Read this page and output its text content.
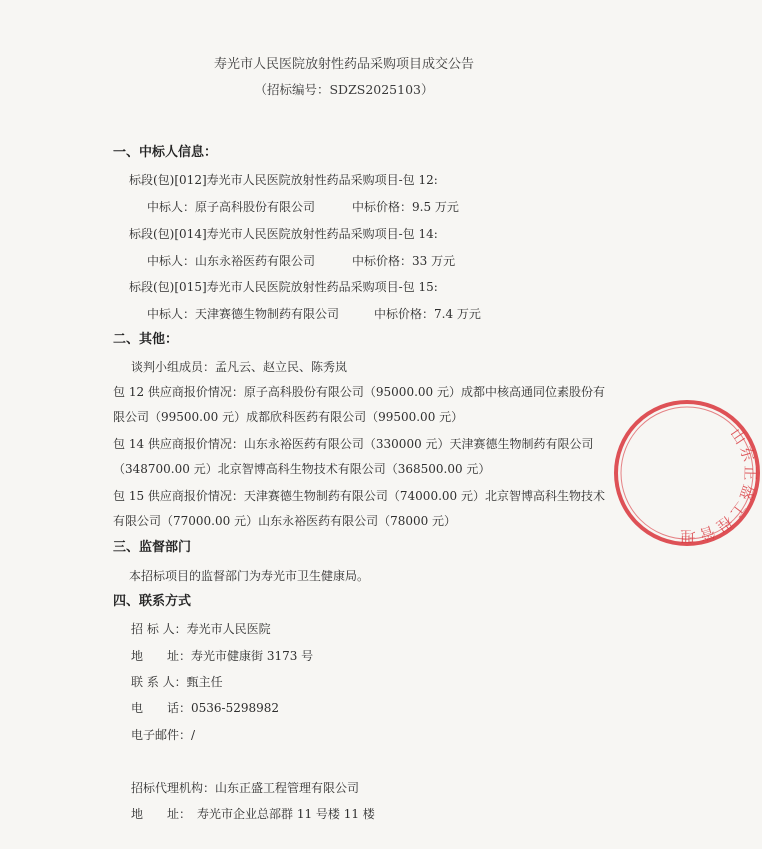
寿光市人民医院放射性药品采购项目成交公告
（招标编号：SDZS2025103）
一、中标人信息：
标段(包)[012]寿光市人民医院放射性药品采购项目-包 12:
中标人：原子高科股份有限公司	中标价格：9.5 万元
标段(包)[014]寿光市人民医院放射性药品采购项目-包 14:
中标人：山东永裕医药有限公司	中标价格：33 万元
标段(包)[015]寿光市人民医院放射性药品采购项目-包 15:
中标人：天津赛德生物制药有限公司	中标价格：7.4 万元
二、其他：
谈判小组成员：孟凡云、赵立民、陈秀岚
包 12 供应商报价情况：原子高科股份有限公司（95000.00 元）成都中核高通同位素股份有
限公司（99500.00 元）成都欣科医药有限公司（99500.00 元）
包 14 供应商报价情况：山东永裕医药有限公司（330000 元）天津赛德生物制药有限公司
（348700.00 元）北京智博高科生物技术有限公司（368500.00 元）
包 15 供应商报价情况：天津赛德生物制药有限公司（74000.00 元）北京智博高科生物技术
有限公司（77000.00 元）山东永裕医药有限公司（78000 元）
三、监督部门
本招标项目的监督部门为寿光市卫生健康局。
四、联系方式
招 标 人：寿光市人民医院
地　　址：寿光市健康街 3173 号
联 系 人：甄主任
电　　话：0536-5298982
电子邮件：/
招标代理机构：山东正盛工程管理有限公司
地　　址：　寿光市企业总部群 11 号楼 11 楼
山东正盛工程管理
